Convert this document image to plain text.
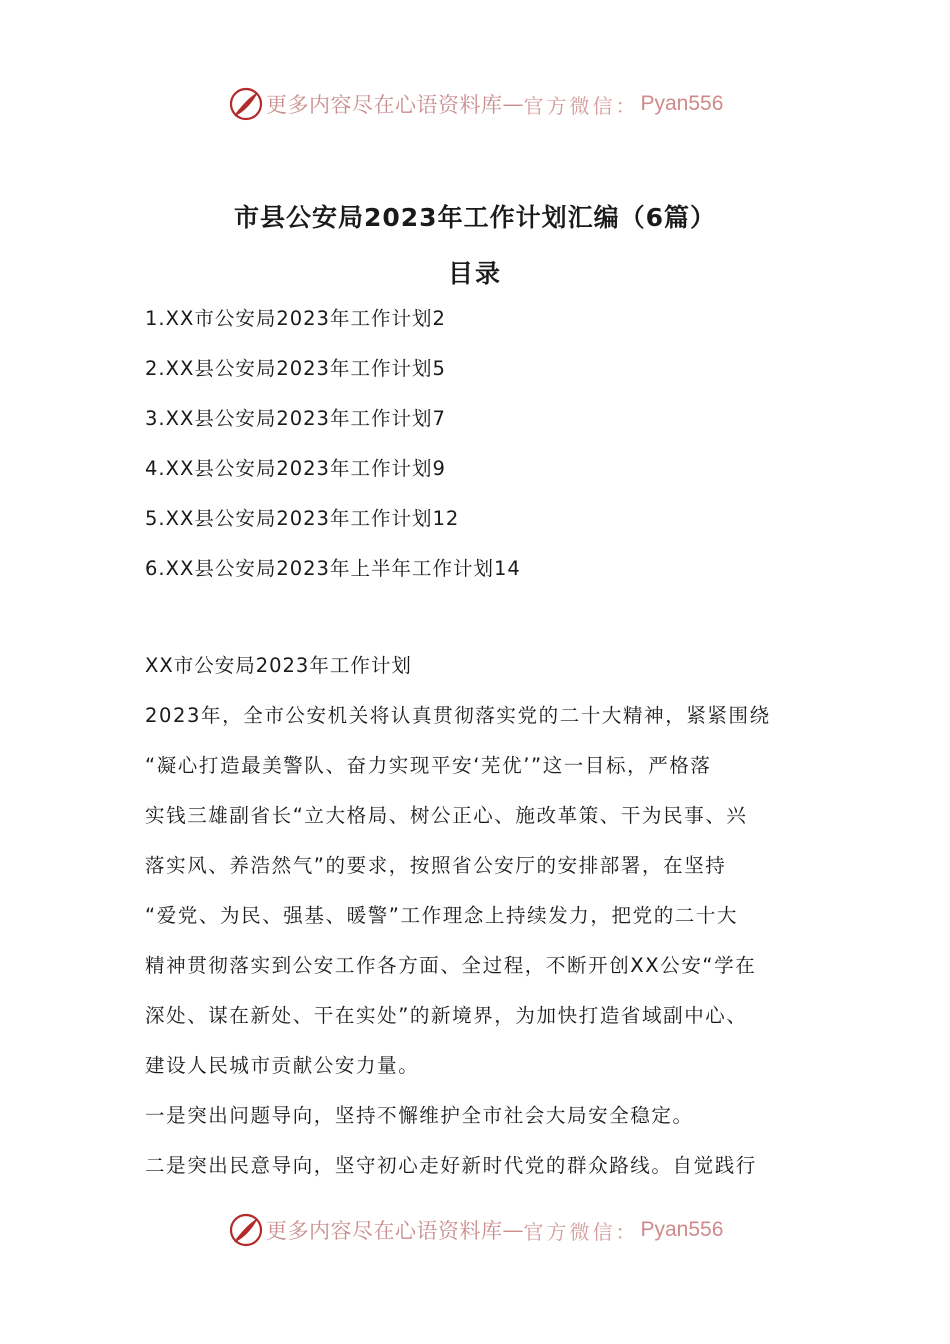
更多内容尽在心语资料库 — 官方微信： Pyan556
市县公安局2023年工作计划汇编（6篇）
目录
1.XX市公安局2023年工作计划2
2.XX县公安局2023年工作计划5
3.XX县公安局2023年工作计划7
4.XX县公安局2023年工作计划9
5.XX县公安局2023年工作计划12
6.XX县公安局2023年上半年工作计划14
XX市公安局2023年工作计划
2023年，全市公安机关将认真贯彻落实党的二十大精神，紧紧围绕
“凝心打造最美警队、奋力实现平安‘芜优’”这一目标，严格落
实钱三雄副省长“立大格局、树公正心、施改革策、干为民事、兴
落实风、养浩然气”的要求，按照省公安厅的安排部署，在坚持
“爱党、为民、强基、暖警”工作理念上持续发力，把党的二十大
精神贯彻落实到公安工作各方面、全过程，不断开创XX公安“学在
深处、谋在新处、干在实处”的新境界，为加快打造省域副中心、
建设人民城市贡献公安力量。
一是突出问题导向，坚持不懈维护全市社会大局安全稳定。
二是突出民意导向，坚守初心走好新时代党的群众路线。自觉践行
更多内容尽在心语资料库 — 官方微信： Pyan556
